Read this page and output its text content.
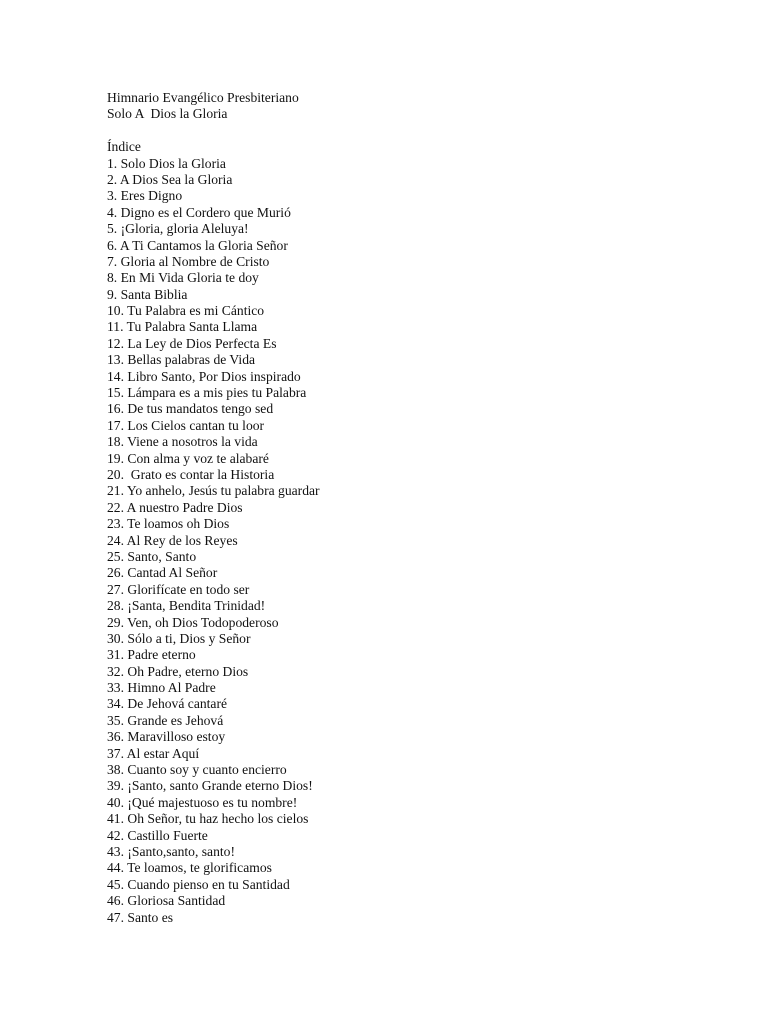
Himnario Evangélico Presbiteriano
Solo A  Dios la Gloria
Índice
1. Solo Dios la Gloria
2. A Dios Sea la Gloria
3. Eres Digno
4. Digno es el Cordero que Murió
5. ¡Gloria, gloria Aleluya!
6. A Ti Cantamos la Gloria Señor
7. Gloria al Nombre de Cristo
8. En Mi Vida Gloria te doy
9. Santa Biblia
10. Tu Palabra es mi Cántico
11. Tu Palabra Santa Llama
12. La Ley de Dios Perfecta Es
13. Bellas palabras de Vida
14. Libro Santo, Por Dios inspirado
15. Lámpara es a mis pies tu Palabra
16. De tus mandatos tengo sed
17. Los Cielos cantan tu loor
18. Viene a nosotros la vida
19. Con alma y voz te alabaré
20.  Grato es contar la Historia
21. Yo anhelo, Jesús tu palabra guardar
22. A nuestro Padre Dios
23. Te loamos oh Dios
24. Al Rey de los Reyes
25. Santo, Santo
26. Cantad Al Señor
27. Glorifícate en todo ser
28. ¡Santa, Bendita Trinidad!
29. Ven, oh Dios Todopoderoso
30. Sólo a ti, Dios y Señor
31. Padre eterno
32. Oh Padre, eterno Dios
33. Himno Al Padre
34. De Jehová cantaré
35. Grande es Jehová
36. Maravilloso estoy
37. Al estar Aquí
38. Cuanto soy y cuanto encierro
39. ¡Santo, santo Grande eterno Dios!
40. ¡Qué majestuoso es tu nombre!
41. Oh Señor, tu haz hecho los cielos
42. Castillo Fuerte
43. ¡Santo,santo, santo!
44. Te loamos, te glorificamos
45. Cuando pienso en tu Santidad
46. Gloriosa Santidad
47. Santo es
